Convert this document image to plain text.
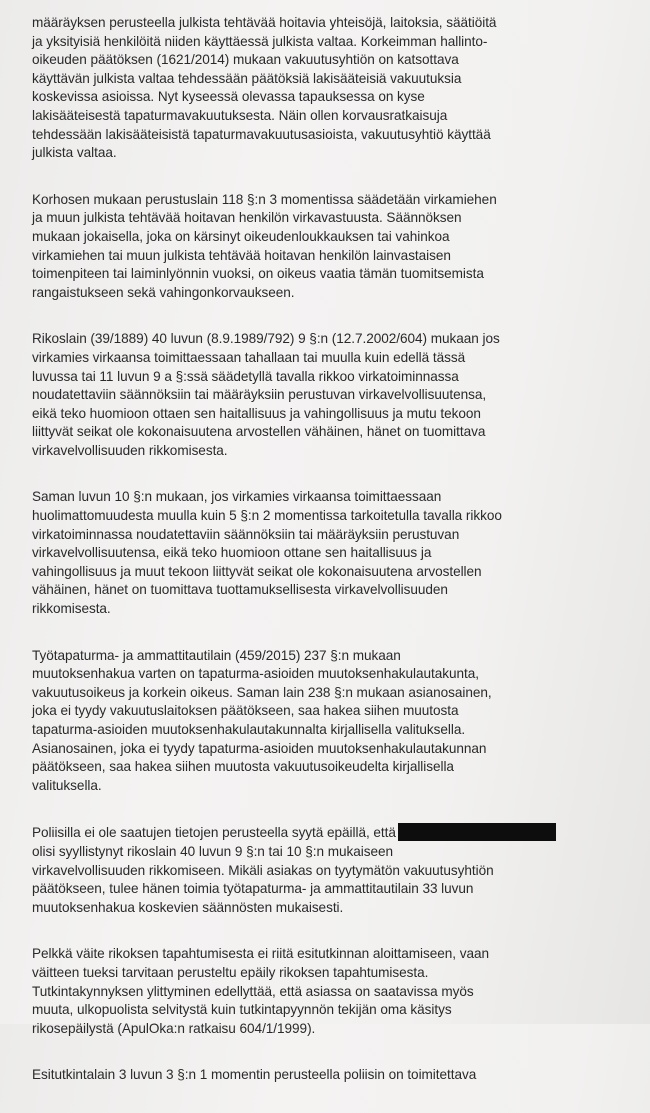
määräyksen perusteella julkista tehtävää hoitavia yhteisöjä, laitoksia, säätiöitä
ja yksityisiä henkilöitä niiden käyttäessä julkista valtaa. Korkeimman hallinto-
oikeuden päätöksen (1621/2014) mukaan vakuutusyhtiön on katsottava
käyttävän julkista valtaa tehdessään päätöksiä lakisääteisiä vakuutuksia
koskevissa asioissa. Nyt kyseessä olevassa tapauksessa on kyse
lakisääteisestä tapaturmavakuutuksesta. Näin ollen korvausratkaisuja
tehdessään lakisääteisistä tapaturmavakuutusasioista, vakuutusyhtiö käyttää
julkista valtaa.

Korhosen mukaan perustuslain 118 §:n 3 momentissa säädetään virkamiehen
ja muun julkista tehtävää hoitavan henkilön virkavastuusta. Säännöksen
mukaan jokaisella, joka on kärsinyt oikeudenloukkauksen tai vahinkoa
virkamiehen tai muun julkista tehtävää hoitavan henkilön lainvastaisen
toimenpiteen tai laiminlyönnin vuoksi, on oikeus vaatia tämän tuomitsemista
rangaistukseen sekä vahingonkorvaukseen.

Rikoslain (39/1889) 40 luvun (8.9.1989/792) 9 §:n (12.7.2002/604) mukaan jos
virkamies virkaansa toimittaessaan tahallaan tai muulla kuin edellä tässä
luvussa tai 11 luvun 9 a §:ssä säädetyllä tavalla rikkoo virkatoiminnassa
noudatettaviin säännöksiin tai määräyksiin perustuvan virkavelvollisuutensa,
eikä teko huomioon ottaen sen haitallisuus ja vahingollisuus ja mutu tekoon
liittyvät seikat ole kokonaisuutena arvostellen vähäinen, hänet on tuomittava
virkavelvollisuuden rikkomisesta.

Saman luvun 10 §:n mukaan, jos virkamies virkaansa toimittaessaan
huolimattomuudesta muulla kuin 5 §:n 2 momentissa tarkoitetulla tavalla rikkoo
virkatoiminnassa noudatettaviin säännöksiin tai määräyksiin perustuvan
virkavelvollisuutensa, eikä teko huomioon ottane sen haitallisuus ja
vahingollisuus ja muut tekoon liittyvät seikat ole kokonaisuutena arvostellen
vähäinen, hänet on tuomittava tuottamuksellisesta virkavelvollisuuden
rikkomisesta.

Työtapaturma- ja ammattitautilain (459/2015) 237 §:n mukaan
muutoksenhakua varten on tapaturma-asioiden muutoksenhakulautakunta,
vakuutusoikeus ja korkein oikeus. Saman lain 238 §:n mukaan asianosainen,
joka ei tyydy vakuutuslaitoksen päätökseen, saa hakea siihen muutosta
tapaturma-asioiden muutoksenhakulautakunnalta kirjallisella valituksella.
Asianosainen, joka ei tyydy tapaturma-asioiden muutoksenhakulautakunnan
päätökseen, saa hakea siihen muutosta vakuutusoikeudelta kirjallisella
valituksella.

Poliisilla ei ole saatujen tietojen perusteella syytä epäillä, että
olisi syyllistynyt rikoslain 40 luvun 9 §:n tai 10 §:n mukaiseen
virkavelvollisuuden rikkomiseen. Mikäli asiakas on tyytymätön vakuutusyhtiön
päätökseen, tulee hänen toimia työtapaturma- ja ammattitautilain 33 luvun
muutoksenhakua koskevien säännösten mukaisesti.

Pelkkä väite rikoksen tapahtumisesta ei riitä esitutkinnan aloittamiseen, vaan
väitteen tueksi tarvitaan perusteltu epäily rikoksen tapahtumisesta.
Tutkintakynnyksen ylittyminen edellyttää, että asiassa on saatavissa myös
muuta, ulkopuolista selvitystä kuin tutkintapyynnön tekijän oma käsitys
rikosepäilystä (ApulOka:n ratkaisu 604/1/1999).

Esitutkintalain 3 luvun 3 §:n 1 momentin perusteella poliisin on toimitettava
